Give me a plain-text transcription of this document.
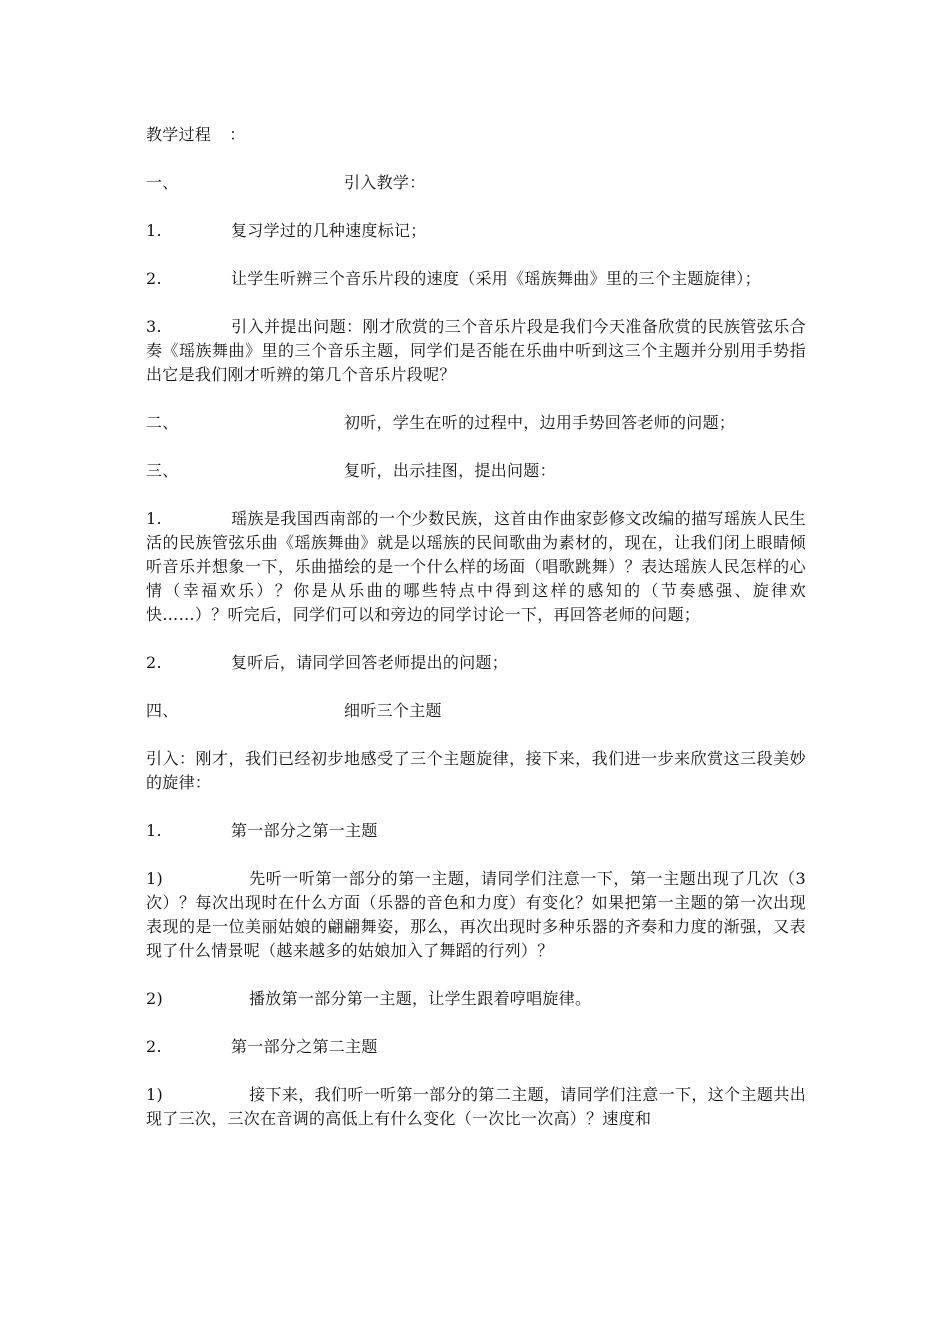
教学过程 ：

一、	引入教学：

1.	复习学过的几种速度标记；

2.	让学生听辨三个音乐片段的速度（采用《瑶族舞曲》里的三个主题旋律）；

3.	引入并提出问题：刚才欣赏的三个音乐片段是我们今天准备欣赏的民族管弦乐合奏《瑶族舞曲》里的三个音乐主题，同学们是否能在乐曲中听到这三个主题并分别用手势指出它是我们刚才听辨的第几个音乐片段呢？

二、	初听，学生在听的过程中，边用手势回答老师的问题；

三、	复听，出示挂图，提出问题：

1.	瑶族是我国西南部的一个少数民族，这首由作曲家彭修文改编的描写瑶族人民生活的民族管弦乐曲《瑶族舞曲》就是以瑶族的民间歌曲为素材的，现在，让我们闭上眼睛倾听音乐并想象一下，乐曲描绘的是一个什么样的场面（唱歌跳舞）？表达瑶族人民怎样的心情（幸福欢乐）？你是从乐曲的哪些特点中得到这样的感知的（节奏感强、旋律欢快……）？听完后，同学们可以和旁边的同学讨论一下，再回答老师的问题；

2.	复听后，请同学回答老师提出的问题；

四、	细听三个主题

引入：刚才，我们已经初步地感受了三个主题旋律，接下来，我们进一步来欣赏这三段美妙的旋律：

1.	第一部分之第一主题

1)	先听一听第一部分的第一主题，请同学们注意一下，第一主题出现了几次（3次）？每次出现时在什么方面（乐器的音色和力度）有变化？如果把第一主题的第一次出现表现的是一位美丽姑娘的翩翩舞姿，那么，再次出现时多种乐器的齐奏和力度的渐强，又表现了什么情景呢（越来越多的姑娘加入了舞蹈的行列）？

2)	播放第一部分第一主题，让学生跟着哼唱旋律。

2.	第一部分之第二主题

1)	接下来，我们听一听第一部分的第二主题，请同学们注意一下，这个主题共出现了三次，三次在音调的高低上有什么变化（一次比一次高）？速度和
